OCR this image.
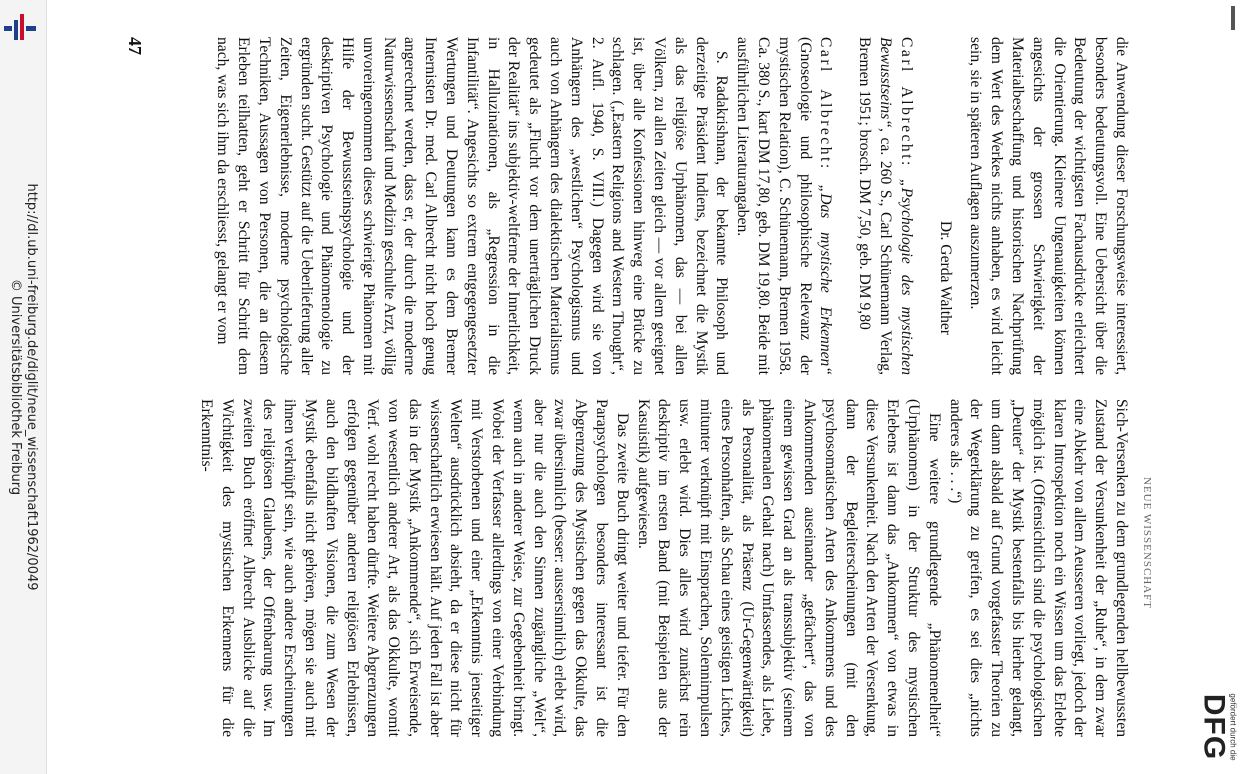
http://dl.ub.uni-freiburg.de/diglit/neue_wissenschaft1962/0049
© Universitätsbibliothek Freiburg
NEUE WISSENSCHAFT

die Anwendung dieser Forschungsweise interessiert, besonders bedeutungsvoll. Eine Uebersicht über die Bedeutung der wichtigsten Fachausdrücke erleichtert die Orientierung. Kleinere Ungenauigkeiten können angesichts der grossen Schwierigkeit der Materialbeschaffung und historischen Nachprüfung dem Wert des Werkes nichts anhaben, es wird leicht sein, sie in späteren Auflagen auszumerzen.

Dr. Gerda Walther

Carl Albrecht: „Psychologie des mystischen Bewusstseins“, ca. 260 S., Carl Schünemann Verlag, Bremen 1951; brosch. DM 7,50, geb. DM 9,80

Carl Albrecht: „Das mystische Erkennen“ (Gnoseologie und philosophische Relevanz der mystischen Relation), C. Schünemann, Bremen 1958. Ca. 380 S., kart DM 17,80, geb. DM 19,80. Beide mit ausführlichen Literaturangaben.

S. Radakrishnan, der bekannte Philosoph und derzeitige Präsident Indiens, bezeichnet die Mystik als das religiöse Urphänomen, das — bei allen Völkern, zu allen Zeiten gleich — vor allem geeignet ist, über alle Konfessionen hinweg eine Brücke zu schlagen. („Eastern Religions and Western Thought“, 2. Aufl. 1940, S. VIII.) Dagegen wird sie von Anhängern des „westlichen“ Psychologismus und auch von Anhängern des dialektischen Materialismus gedeutet als „Flucht vor dem unerträglichen Druck der Realität“ ins subjektiv-weltferne der Innerlichkeit, in Halluzinationen, als „Regression in die Infantilität“. Angesichts so extrem entgegengesetzter Wertungen und Deutungen kann es dem Bremer Internisten Dr. med. Carl Albrecht nicht hoch genug angerechnet werden, dass er, der durch die moderne Naturwissenschaft und Medizin geschulte Arzt, völlig unvoreingenommen dieses schwierige Phänomen mit Hilfe der Bewusstseinspsychologie und der deskriptiven Psychologie und Phänomenologie zu ergründen sucht. Gestützt auf die Ueberlieferung aller Zeiten, Eigenerlebnisse, moderne psychologische Techniken, Aussagen von Personen, die an diesem Erleben teilhatten, geht er Schritt für Schritt dem nach, was sich ihm da erschliesst, gelangt er vom

Sich-Versenken zu dem grundlegenden hellbewussten Zustand der Versunkenheit der „Ruhe“, in dem zwar eine Abkehr von allem Aeusseren vorliegt, jedoch der klaren Introspektion noch ein Wissen um das Erlebte möglich ist. (Offensichtlich sind die psychologischen „Deuter“ der Mystik bestenfalls bis hierher gelangt, um dann alsbald auf Grund vorgefasster Theorien zu der Wegerklärung zu greifen, es sei dies „nichts anderes als . . .“)

Eine weitere grundlegende „Phänomenelheit“ (Urphänomen) in der Struktur des mystischen Erlebens ist dann das „Ankommen“ von etwas in diese Versunkenheit. Nach den Arten der Versenkung, dann der Begleiterscheinungen (mit den psychosomatischen Arten des Ankommens und des Ankommenden auseinander „gefächert“, das von einem gewissen Grad an als transsubjektiv (seinem phänomenalen Gehalt nach) Umfassendes, als Liebe, als Personalität, als Präsenz (Ur-Gegenwärtigkeit) eines Personhaften, als Schau eines geistigen Lichtes, mitunter verknüpft mit Einsprachen, Solennimpulsen usw. erlebt wird. Dies alles wird zunächst rein deskriptiv im ersten Band (mit Beispielen aus der Kasuistik) aufgewiesen.

Das zweite Buch dringt weiter und tiefer. Für den Parapsychologen besonders interessant ist die Abgrenzung des Mystischen gegen das Okkulte, das zwar übersinnlich (besser: aussersinnlich) erlebt wird, aber nur die auch den Sinnen zugängliche „Welt“, wenn auch in anderer Weise, zur Gegebenheit bringt. Wobei der Verfasser allerdings von einer Verbindung mit Verstorbenen und einer „Erkenntnis jenseitiger Welten“ ausdrücklich absieht, da er diese nicht für wissenschaftlich erwiesen hält. Auf jeden Fall ist aber das in der Mystik „Ankommende“, sich Erweisende, von wesentlich anderer Art, als das Okkulte, womit Verf. wohl recht haben dürfte. Weitere Abgrenzungen erfolgen gegenüber anderen religiösen Erlebnissen, auch den bildhaften Visionen, die zum Wesen der Mystik ebenfalls nicht gehören, mögen sie auch mit ihnen verknüpft sein, wie auch andere Erscheinungen des religiösen Glaubens, der Offenbarung usw. Im zweiten Buch eröffnet Albrecht Ausblicke auf die Wichtigkeit des mystischen Erkennens für die Erkenntnis-

47
gefördert durch die
DFG
